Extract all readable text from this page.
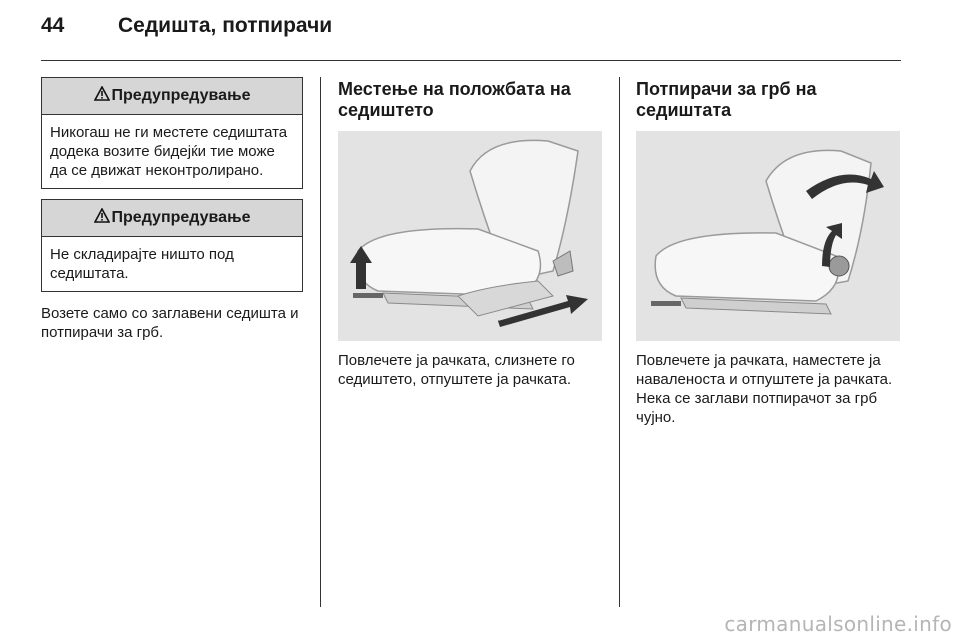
44	Седишта, потпирачи
Предупредување
Никогаш не ги местете седиштата додека возите бидејќи тие може да се движат неконтролирано.
Предупредување
Не складирајте ништо под седиштата.
Возете само со заглавени седишта и потпирачи за грб.
Местење на положбата на седиштето
Повлечете ја рачката, слизнете го седиштето, отпуштете ја рачката.
Потпирачи за грб на седиштата
Повлечете ја рачката, наместете ја наваленоста и отпуштете ја рачката. Нека се заглави потпирачот за грб чујно.
carmanualsonline.info
